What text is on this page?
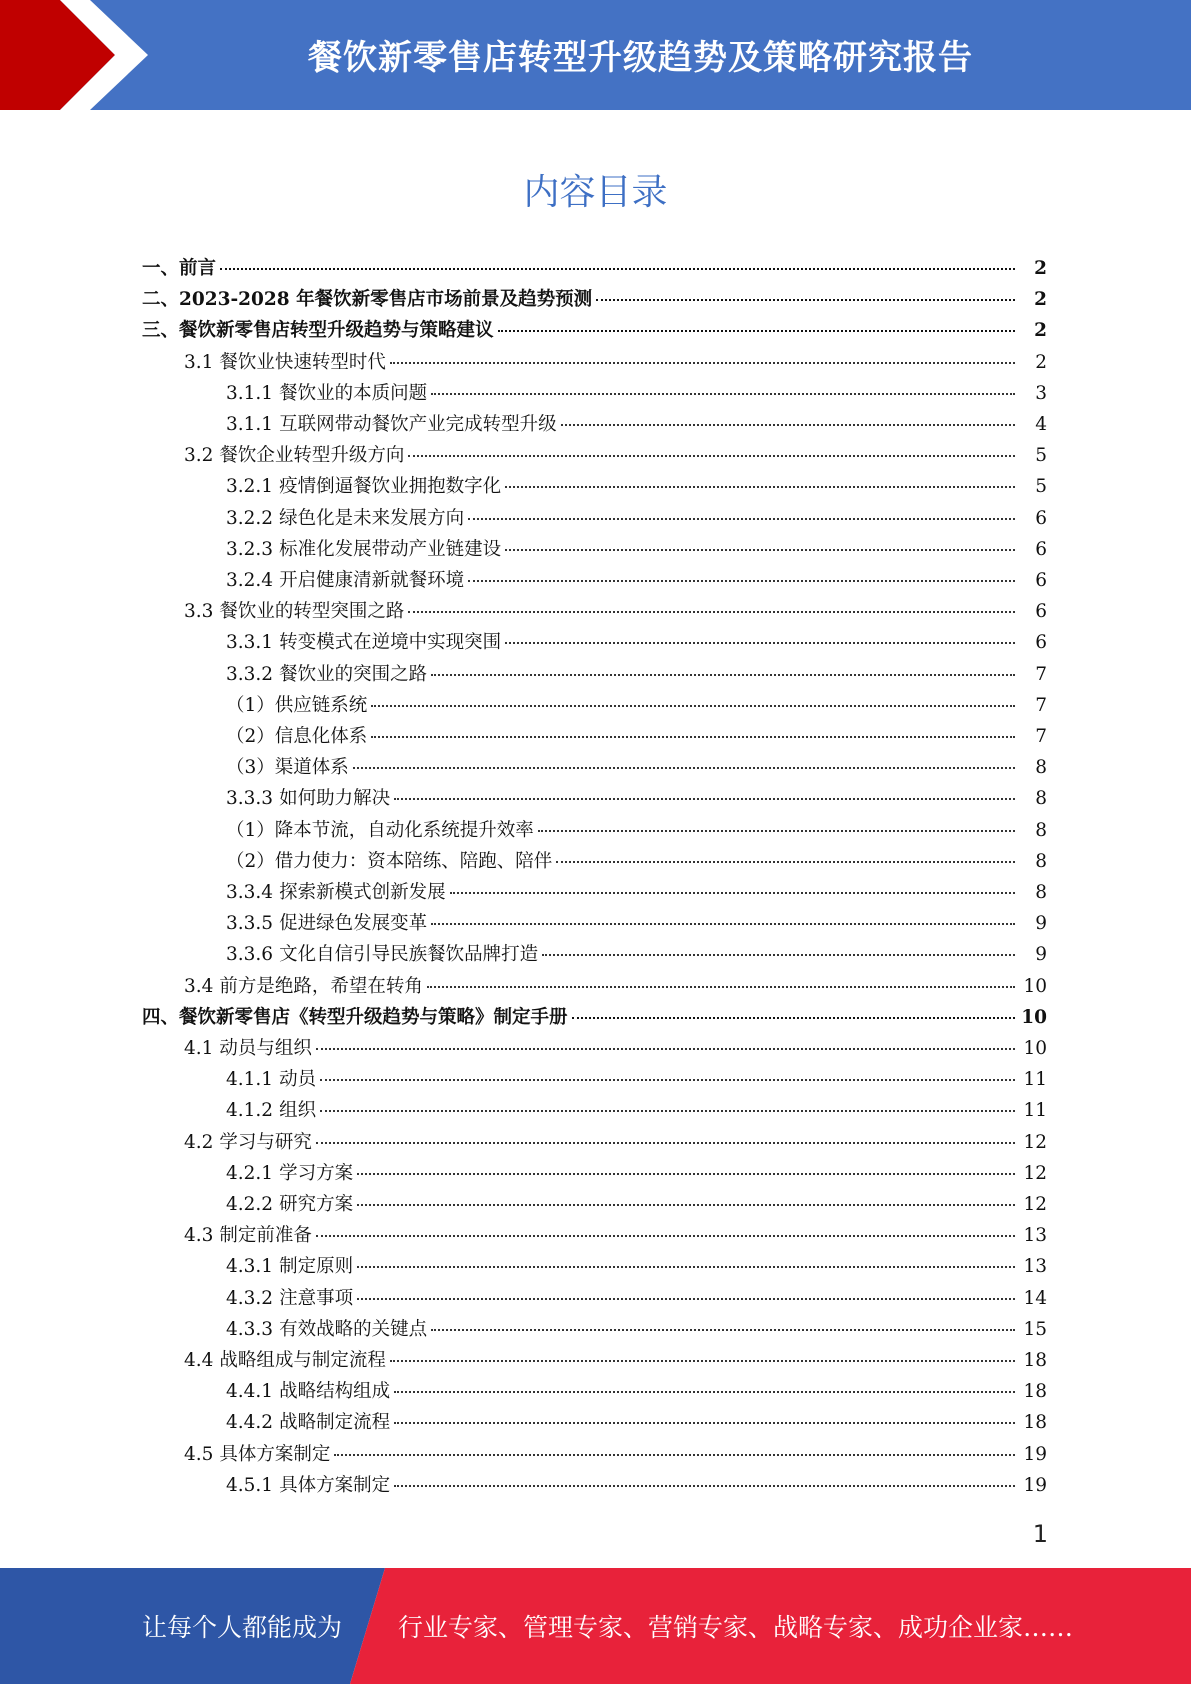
餐饮新零售店转型升级趋势及策略研究报告
内容目录
一、前言	2
二、2023-2028 年餐饮新零售店市场前景及趋势预测	2
三、餐饮新零售店转型升级趋势与策略建议	2
3.1 餐饮业快速转型时代	2
3.1.1 餐饮业的本质问题	3
3.1.1 互联网带动餐饮产业完成转型升级	4
3.2 餐饮企业转型升级方向	5
3.2.1 疫情倒逼餐饮业拥抱数字化	5
3.2.2 绿色化是未来发展方向	6
3.2.3 标准化发展带动产业链建设	6
3.2.4 开启健康清新就餐环境	6
3.3 餐饮业的转型突围之路	6
3.3.1 转变模式在逆境中实现突围	6
3.3.2 餐饮业的突围之路	7
（1） 供应链系统	7
（2） 信息化体系	7
（3） 渠道体系	8
3.3.3 如何助力解决	8
（1） 降本节流，自动化系统提升效率	8
（2） 借力使力：资本陪练、陪跑、陪伴	8
3.3.4 探索新模式创新发展	8
3.3.5 促进绿色发展变革	9
3.3.6 文化自信引导民族餐饮品牌打造	9
3.4 前方是绝路，希望在转角	10
四、餐饮新零售店《转型升级趋势与策略》制定手册	10
4.1 动员与组织	10
4.1.1 动员	11
4.1.2 组织	11
4.2 学习与研究	12
4.2.1 学习方案	12
4.2.2 研究方案	12
4.3 制定前准备	13
4.3.1 制定原则	13
4.3.2 注意事项	14
4.3.3 有效战略的关键点	15
4.4 战略组成与制定流程	18
4.4.1 战略结构组成	18
4.4.2 战略制定流程	18
4.5 具体方案制定	19
4.5.1 具体方案制定	19
1
让每个人都能成为 行业专家、管理专家、营销专家、战略专家、成功企业家……
